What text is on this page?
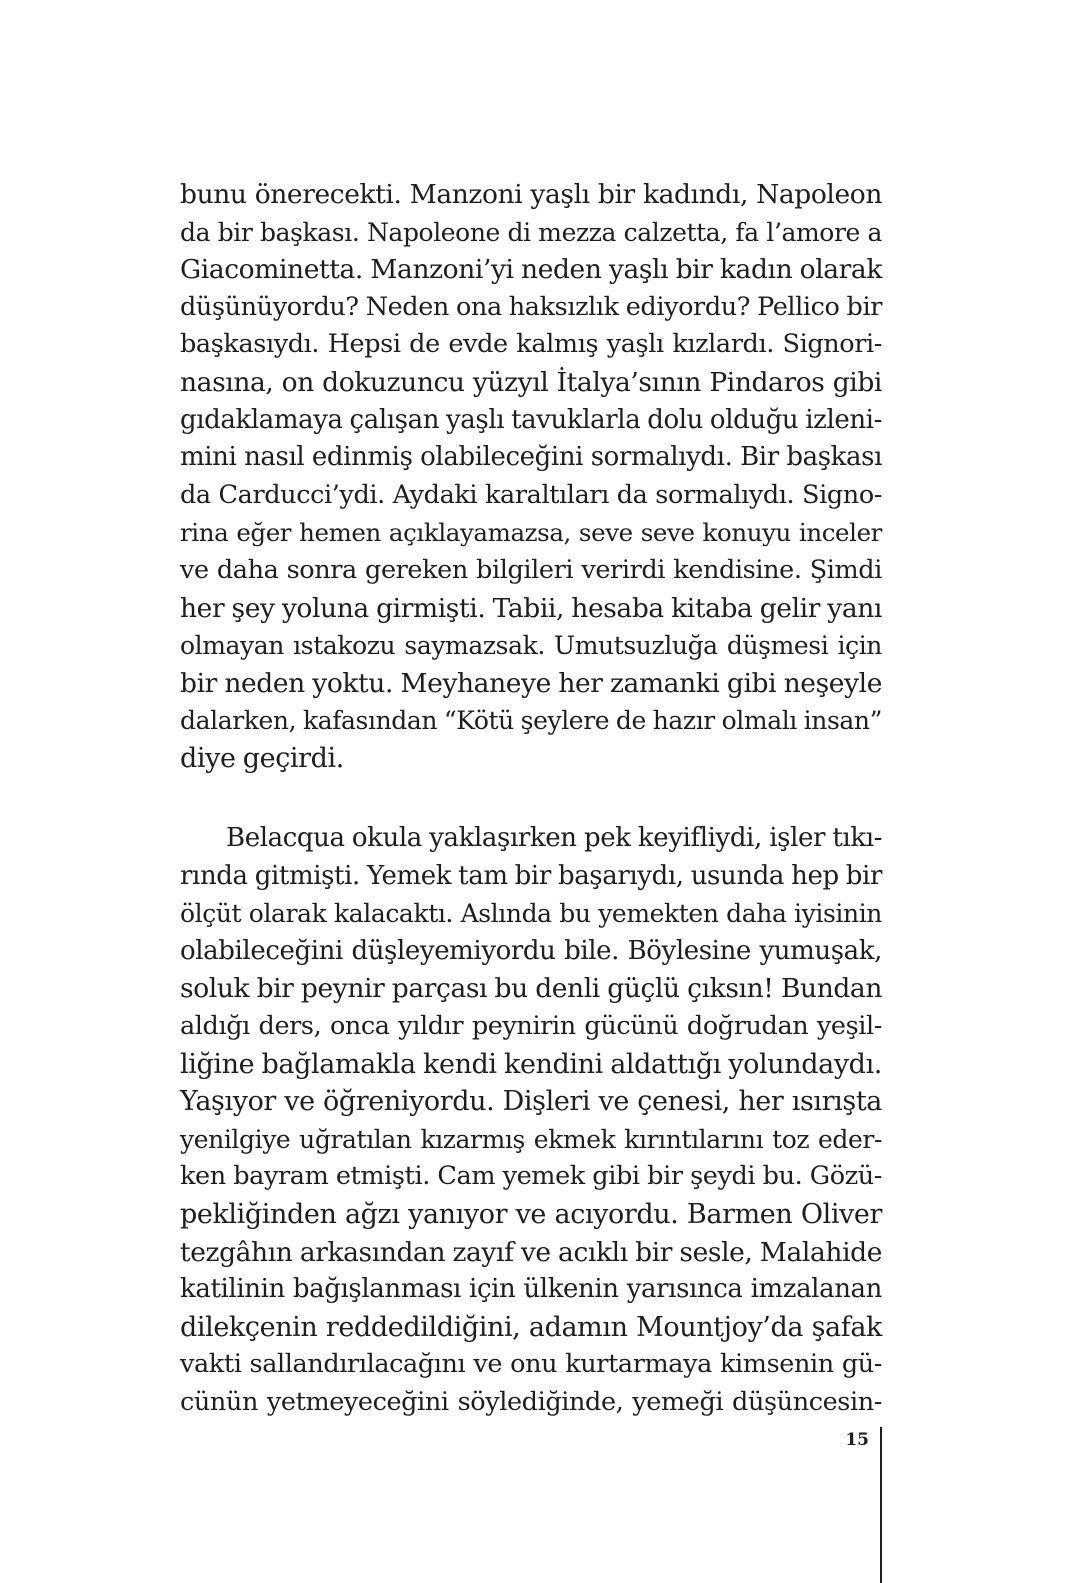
bunu önerecekti. Manzoni yaşlı bir kadındı, Napoleon
da bir başkası. Napoleone di mezza calzetta, fa l’amore a
Giacominetta. Manzoni’yi neden yaşlı bir kadın olarak
düşünüyordu? Neden ona haksızlık ediyordu? Pellico bir
başkasıydı. Hepsi de evde kalmış yaşlı kızlardı. Signori-
nasına, on dokuzuncu yüzyıl İtalya’sının Pindaros gibi
gıdaklamaya çalışan yaşlı tavuklarla dolu olduğu izleni-
mini nasıl edinmiş olabileceğini sormalıydı. Bir başkası
da Carducci’ydi. Aydaki karaltıları da sormalıydı. Signo-
rina eğer hemen açıklayamazsa, seve seve konuyu inceler
ve daha sonra gereken bilgileri verirdi kendisine. Şimdi
her şey yoluna girmişti. Tabii, hesaba kitaba gelir yanı
olmayan ıstakozu saymazsak. Umutsuzluğa düşmesi için
bir neden yoktu. Meyhaneye her zamanki gibi neşeyle
dalarken, kafasından “Kötü şeylere de hazır olmalı insan”
diye geçirdi.
Belacqua okula yaklaşırken pek keyifliydi, işler tıkı-
rında gitmişti. Yemek tam bir başarıydı, usunda hep bir
ölçüt olarak kalacaktı. Aslında bu yemekten daha iyisinin
olabileceğini düşleyemiyordu bile. Böylesine yumuşak,
soluk bir peynir parçası bu denli güçlü çıksın! Bundan
aldığı ders, onca yıldır peynirin gücünü doğrudan yeşil-
liğine bağlamakla kendi kendini aldattığı yolundaydı.
Yaşıyor ve öğreniyordu. Dişleri ve çenesi, her ısırışta
yenilgiye uğratılan kızarmış ekmek kırıntılarını toz eder-
ken bayram etmişti. Cam yemek gibi bir şeydi bu. Gözü-
pekliğinden ağzı yanıyor ve acıyordu. Barmen Oliver
tezgâhın arkasından zayıf ve acıklı bir sesle, Malahide
katilinin bağışlanması için ülkenin yarısınca imzalanan
dilekçenin reddedildiğini, adamın Mountjoy’da şafak
vakti sallandırılacağını ve onu kurtarmaya kimsenin gü-
cünün yetmeyeceğini söylediğinde, yemeği düşüncesin-
15
